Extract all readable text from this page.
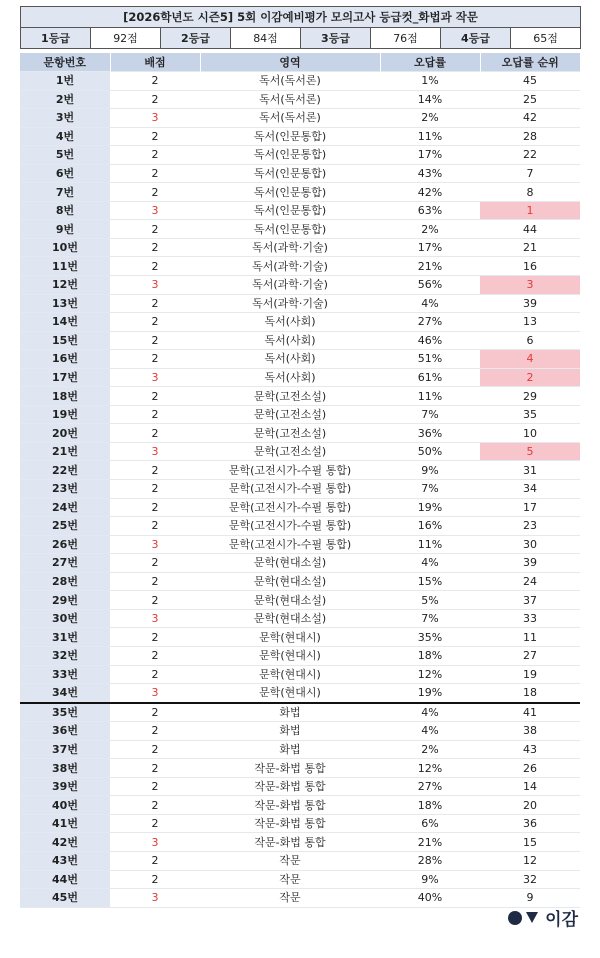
[2026학년도 시즌5] 5회 이감예비평가 모의고사 등급컷_화법과 작문
1등급	92점	2등급	84점	3등급	76점	4등급	65점
문항번호	배점	영역	오답률	오답률 순위
1번	2	독서(독서론)	1%	45
2번	2	독서(독서론)	14%	25
3번	3	독서(독서론)	2%	42
4번	2	독서(인문통합)	11%	28
5번	2	독서(인문통합)	17%	22
6번	2	독서(인문통합)	43%	7
7번	2	독서(인문통합)	42%	8
8번	3	독서(인문통합)	63%	1
9번	2	독서(인문통합)	2%	44
10번	2	독서(과학·기술)	17%	21
11번	2	독서(과학·기술)	21%	16
12번	3	독서(과학·기술)	56%	3
13번	2	독서(과학·기술)	4%	39
14번	2	독서(사회)	27%	13
15번	2	독서(사회)	46%	6
16번	2	독서(사회)	51%	4
17번	3	독서(사회)	61%	2
18번	2	문학(고전소설)	11%	29
19번	2	문학(고전소설)	7%	35
20번	2	문학(고전소설)	36%	10
21번	3	문학(고전소설)	50%	5
22번	2	문학(고전시가-수필 통합)	9%	31
23번	2	문학(고전시가-수필 통합)	7%	34
24번	2	문학(고전시가-수필 통합)	19%	17
25번	2	문학(고전시가-수필 통합)	16%	23
26번	3	문학(고전시가-수필 통합)	11%	30
27번	2	문학(현대소설)	4%	39
28번	2	문학(현대소설)	15%	24
29번	2	문학(현대소설)	5%	37
30번	3	문학(현대소설)	7%	33
31번	2	문학(현대시)	35%	11
32번	2	문학(현대시)	18%	27
33번	2	문학(현대시)	12%	19
34번	3	문학(현대시)	19%	18
35번	2	화법	4%	41
36번	2	화법	4%	38
37번	2	화법	2%	43
38번	2	작문-화법 통합	12%	26
39번	2	작문-화법 통합	27%	14
40번	2	작문-화법 통합	18%	20
41번	2	작문-화법 통합	6%	36
42번	3	작문-화법 통합	21%	15
43번	2	작문	28%	12
44번	2	작문	9%	32
45번	3	작문	40%	9
이감
